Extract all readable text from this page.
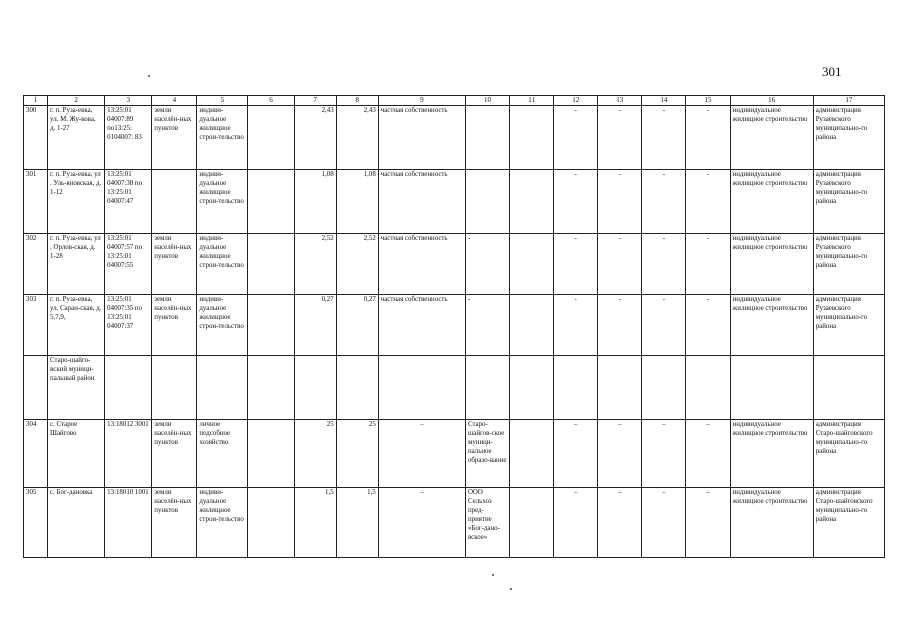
301
1	2	3	4	5	6	7	8	9	10	11	12	13	14	15	16	17
300	г. п. Руза-евка, ул. М. Жу-кова, д. 1-27	13:25:01 04007:89 по13:25: 0104007: 83	земли населён-ных пунктов	индиви-дуальное жилищное строи-тельство		2,43	2,43	частная собственность			-	-	-	-	индивидуальное жилищное строительство	администрация Рузаевского муниципально-го района
301	г. п. Руза-евка, ул . Уль-яновская, д. 1-12	13:25:01 04007:38 по 13:25:01 04007:47		индиви-дуальное жилищное строи-тельство		1,08	1,08	частная собственность			-	-	-	-	индивидуальное жилищное строительство	администрация Рузаевского муниципально-го района
302	г. п. Руза-евка, ул . Орлов-ская, д. 1-28	13:25:01 04007:57 по 13:25:01 04007:55	земли населён-ных пунктов	индиви-дуальное жилищное строи-тельство		2,52	2,52	частная собственность	-		-	-	-	-	индивидуальное жилищное строительство	администрация Рузаевского муниципально-го района
303	г. п. Руза-евка, ул. Саран-ская, д. 5,7,9,	13:25:01 04007:35 по 13:25:01 04007:37	земли населён-ных пунктов	индиви-дуальное жилищное строи-тельство		0,27	0,27	частная собственность	-		-	-	-	-	индивидуальное жилищное строительство	администрация Рузаевского муниципально-го района
	Старо-шайго-вский муници-пальный район															
304	с. Старое Шайгово	13:18012 3001	земли населён-ных пунктов	личное подсобное хозяйство		25	25	–	Старо-шайгов-ское муници-пальное образо-вание		–	–	–	–	индивидуальное жилищное строительство	администрация Старо-шайговского муниципально-го района
305	с. Бог-дановка	13:18010 1001	земли населён-ных пунктов	индиви-дуальное жилищное строи-тельство		1,5	1,5	–	ООО Сельхоз пред-приятие «Бог-дано-вское»		–	–	–	–	индивидуальное жилищное строительство	администрация Старо-шайговского муниципально-го района
